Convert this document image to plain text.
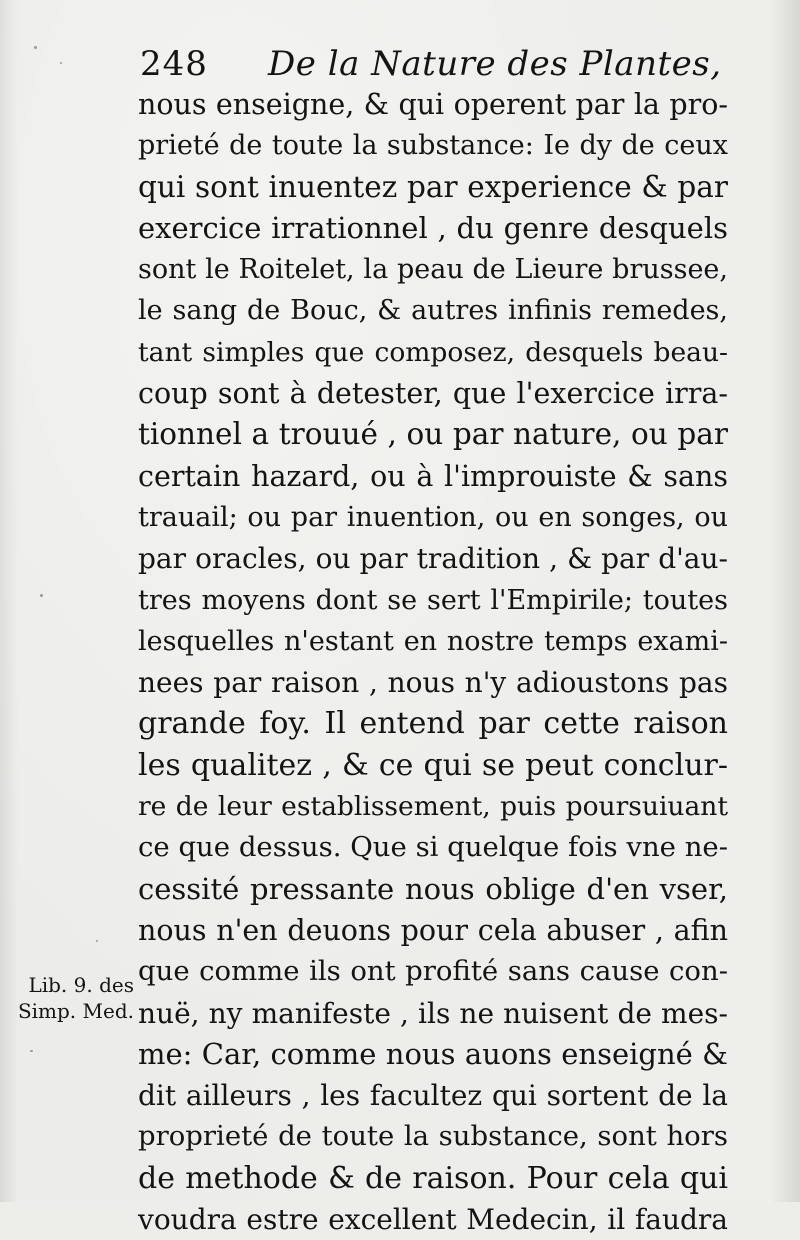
248 De la Nature des Plantes,
nous enseigne, & qui operent par la pro-
prieté de toute la substance: Ie dy de ceux
qui sont inuentez par experience & par
exercice irrationnel , du genre desquels
sont le Roitelet, la peau de Lieure brussee,
le sang de Bouc, & autres infinis remedes,
tant simples que composez, desquels beau-
coup sont à detester, que l'exercice irra-
tionnel a trouué , ou par nature, ou par
certain hazard, ou à l'improuiste & sans
trauail; ou par inuention, ou en songes, ou
par oracles, ou par tradition , & par d'au-
tres moyens dont se sert l'Empirile; toutes
lesquelles n'estant en nostre temps exami-
nees par raison , nous n'y adioustons pas
grande foy. Il entend par cette raison
les qualitez , & ce qui se peut conclur-
re de leur establissement, puis poursuiuant
ce que dessus. Que si quelque fois vne ne-
cessité pressante nous oblige d'en vser,
nous n'en deuons pour cela abuser , afin
que comme ils ont profité sans cause con-
nuë, ny manifeste , ils ne nuisent de mes-
me: Car, comme nous auons enseigné &
dit ailleurs , les facultez qui sortent de la
proprieté de toute la substance, sont hors
de methode & de raison. Pour cela qui
voudra estre excellent Medecin, il faudra
Lib. 9. des
Simp. Med.
